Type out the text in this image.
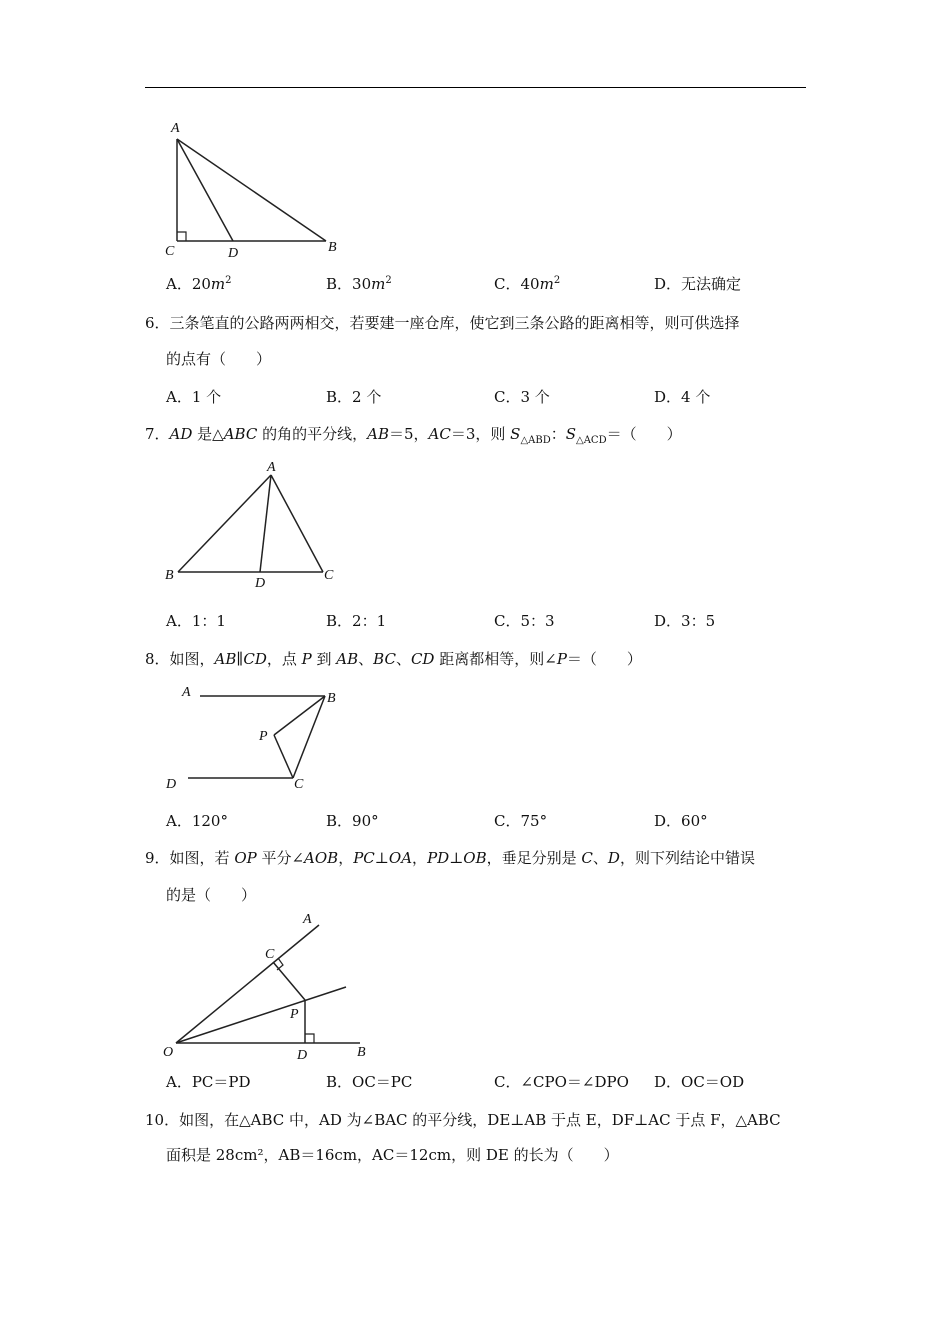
A
C	D	B
A．$20m^2$	B．$30m^2$	C．$40m^2$	D．无法确定
6．三条笔直的公路两两相交，若要建一座仓库，使它到三条公路的距离相等，则可供选择
的点有（　　）
A．1 个	B．2 个	C．3 个	D．4 个
7．AD 是△ABC 的角的平分线，AB＝5，AC＝3，则 $S_{\triangle ABD}$：$S_{\triangle ACD}=$（　　）
A
B
D
C
A．1：1	B．2：1	C．5：3	D．3：5
8．如图，AB∥CD，点 P 到 AB、BC、CD 距离都相等，则∠P＝（　　）
A	B
P
D	C
A．120°	B．90°	C．75°	D．60°
9．如图，若 OP 平分∠AOB，PC⊥OA，PD⊥OB，垂足分别是 C、D，则下列结论中错误
的是（　　）
A
C
P
O	D	B
A．PC＝PD	B．OC＝PC	C．∠CPO＝∠DPO D．OC＝OD
10．如图，在△ABC 中，AD 为∠BAC 的平分线，DE⊥AB 于点 E，DF⊥AC 于点 F，△ABC
面积是 28cm²，AB＝16cm，AC＝12cm，则 DE 的长为（　　）
